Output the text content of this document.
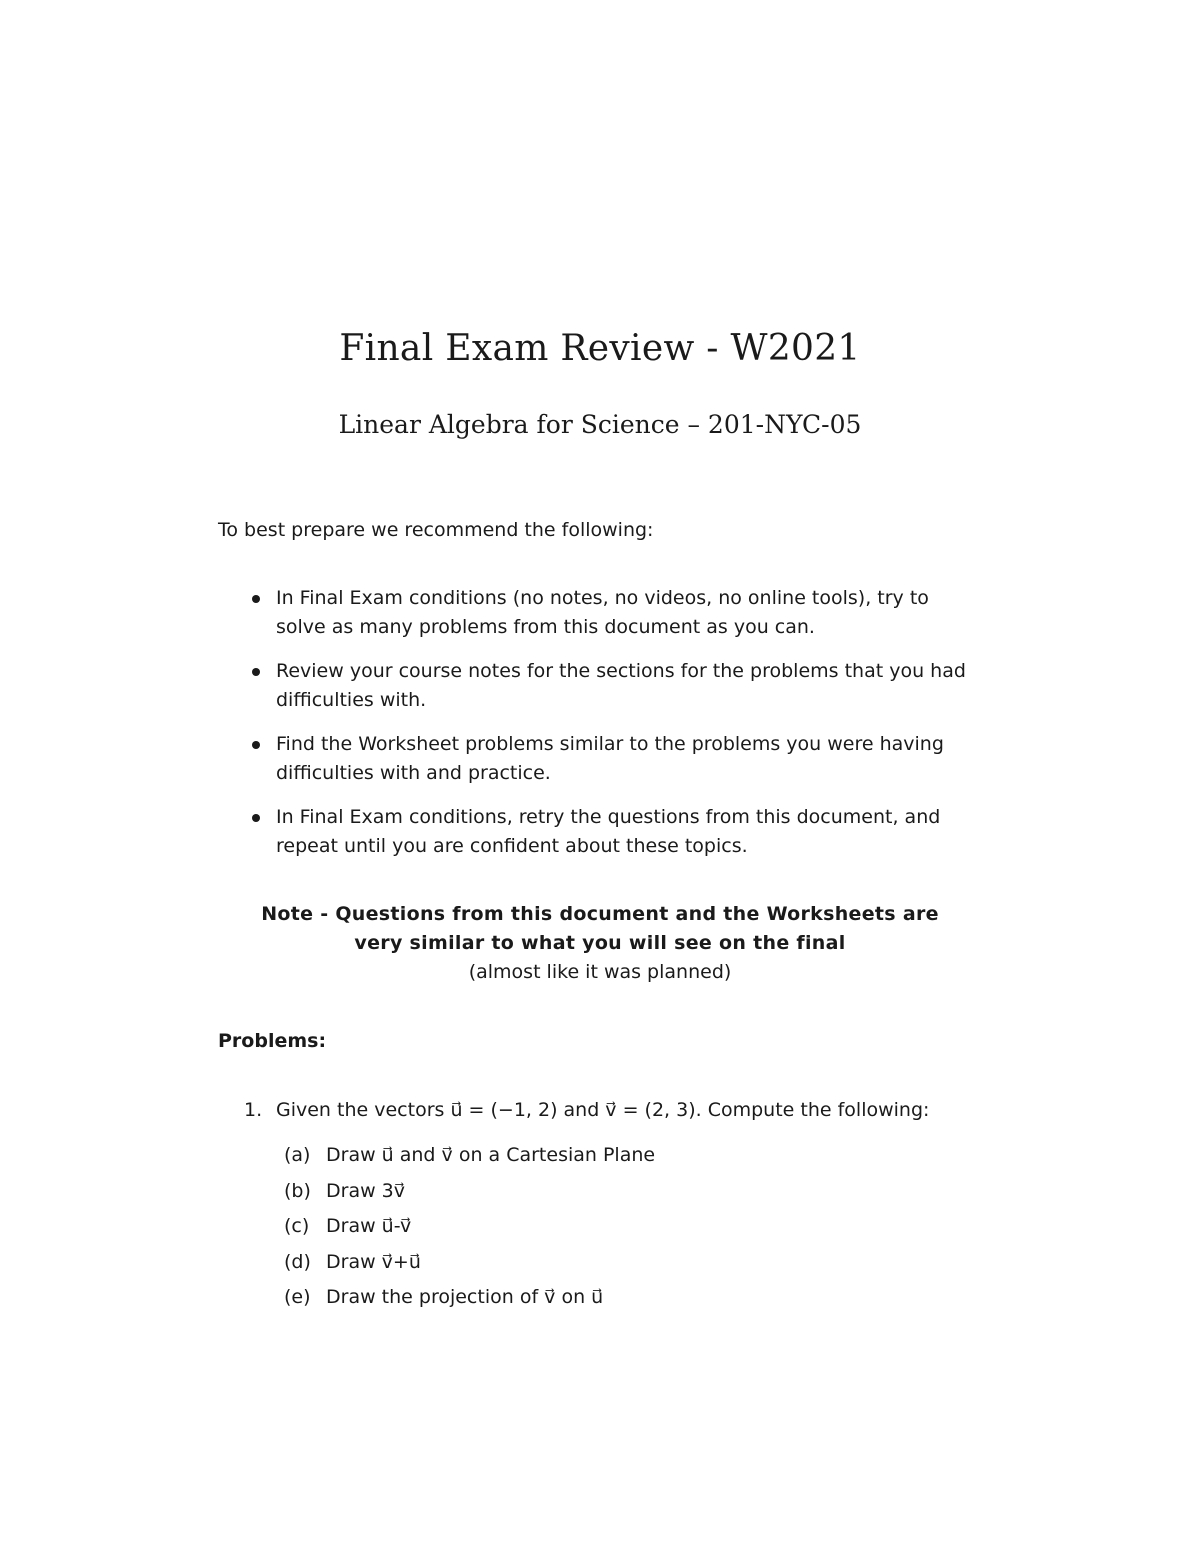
Final Exam Review - W2021
Linear Algebra for Science – 201-NYC-05
To best prepare we recommend the following:
In Final Exam conditions (no notes, no videos, no online tools), try to solve as many problems from this document as you can.
Review your course notes for the sections for the problems that you had difficulties with.
Find the Worksheet problems similar to the problems you were having difficulties with and practice.
In Final Exam conditions, retry the questions from this document, and repeat until you are confident about these topics.
Note - Questions from this document and the Worksheets are
very similar to what you will see on the final
(almost like it was planned)
Problems:
1. Given the vectors u⃗ = (−1, 2) and v⃗ = (2, 3). Compute the following:
(a) Draw u⃗ and v⃗ on a Cartesian Plane
(b) Draw 3v⃗
(c) Draw u⃗-v⃗
(d) Draw v⃗+u⃗
(e) Draw the projection of v⃗ on u⃗
